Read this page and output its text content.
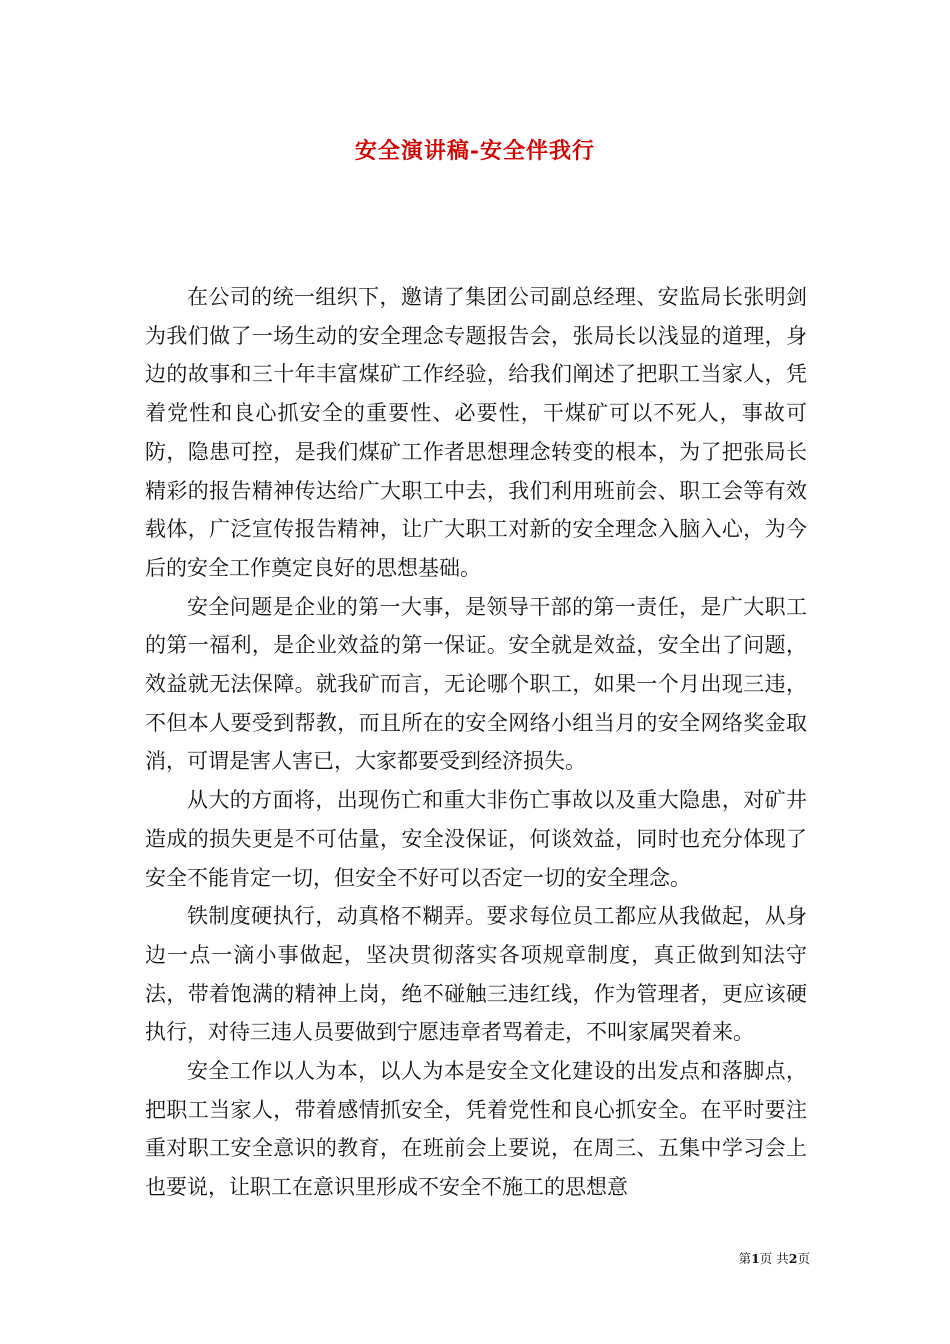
安全演讲稿-安全伴我行

在公司的统一组织下，邀请了集团公司副总经理、安监局长张明剑为我们做了一场生动的安全理念专题报告会，张局长以浅显的道理，身边的故事和三十年丰富煤矿工作经验，给我们阐述了把职工当家人，凭着党性和良心抓安全的重要性、必要性，干煤矿可以不死人，事故可防，隐患可控，是我们煤矿工作者思想理念转变的根本，为了把张局长精彩的报告精神传达给广大职工中去，我们利用班前会、职工会等有效载体，广泛宣传报告精神，让广大职工对新的安全理念入脑入心，为今后的安全工作奠定良好的思想基础。

安全问题是企业的第一大事，是领导干部的第一责任，是广大职工的第一福利，是企业效益的第一保证。安全就是效益，安全出了问题，效益就无法保障。就我矿而言，无论哪个职工，如果一个月出现三违，不但本人要受到帮教，而且所在的安全网络小组当月的安全网络奖金取消，可谓是害人害已，大家都要受到经济损失。

从大的方面将，出现伤亡和重大非伤亡事故以及重大隐患，对矿井造成的损失更是不可估量，安全没保证，何谈效益，同时也充分体现了安全不能肯定一切，但安全不好可以否定一切的安全理念。

铁制度硬执行，动真格不糊弄。要求每位员工都应从我做起，从身边一点一滴小事做起，坚决贯彻落实各项规章制度，真正做到知法守法，带着饱满的精神上岗，绝不碰触三违红线，作为管理者，更应该硬执行，对待三违人员要做到宁愿违章者骂着走，不叫家属哭着来。

安全工作以人为本，以人为本是安全文化建设的出发点和落脚点，把职工当家人，带着感情抓安全，凭着党性和良心抓安全。在平时要注重对职工安全意识的教育，在班前会上要说，在周三、五集中学习会上也要说，让职工在意识里形成不安全不施工的思想意

第1页 共2页
